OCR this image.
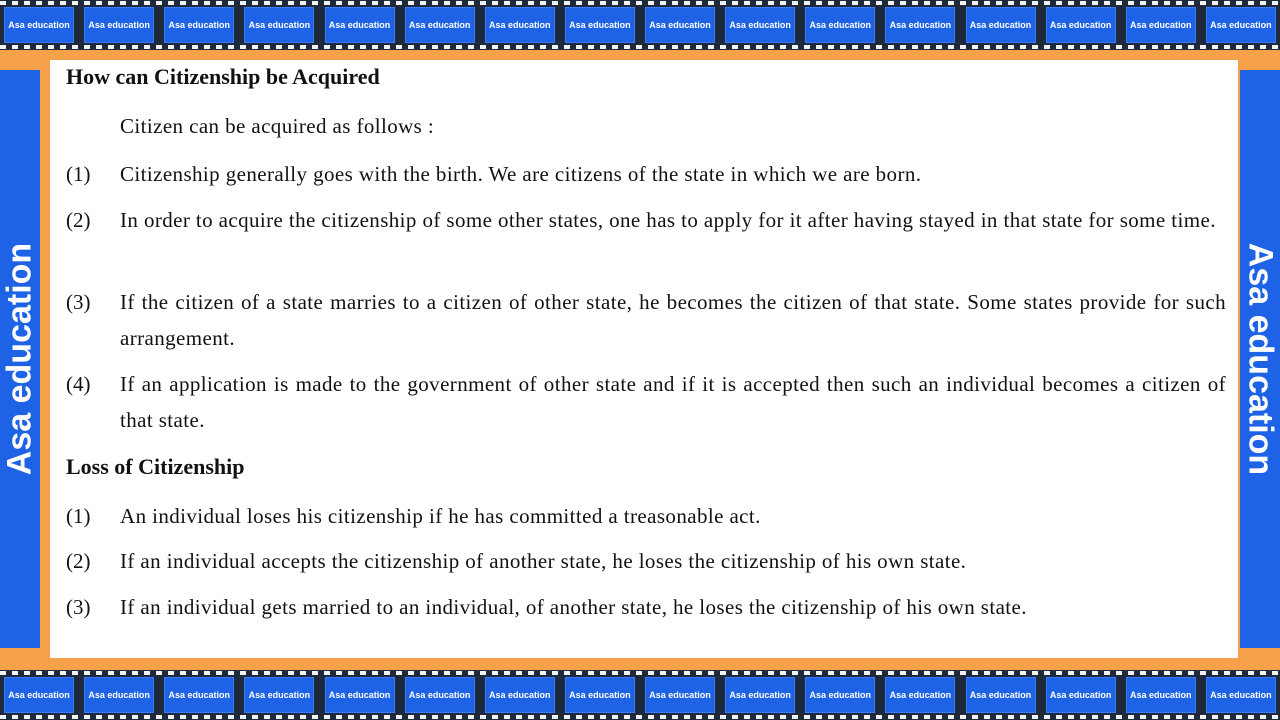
Asa education	Asa education	Asa education	Asa education	Asa education	Asa education	Asa education	Asa education	Asa education	Asa education	Asa education	Asa education	Asa education	Asa education	Asa education	Asa education
Asa education	Asa education	Asa education	Asa education	Asa education	Asa education	Asa education	Asa education	Asa education	Asa education	Asa education	Asa education	Asa education	Asa education	Asa education	Asa education
Asa education	Asa education
How can Citizenship be Acquired
Citizen can be acquired as follows :
(1) Citizenship generally goes with the birth. We are citizens of the state in which we are born.
(2) In order to acquire the citizenship of some other states, one has to apply for it after having stayed in that state for some time.
(3) If the citizen of a state marries to a citizen of other state, he becomes the citizen of that state. Some states provide for such arrangement.
(4) If an application is made to the government of other state and if it is accepted then such an individual becomes a citizen of that state.
Loss of Citizenship
(1) An individual loses his citizenship if he has committed a treasonable act.
(2) If an individual accepts the citizenship of another state, he loses the citizenship of his own state.
(3) If an individual gets married to an individual, of another state, he loses the citizenship of his own state.
